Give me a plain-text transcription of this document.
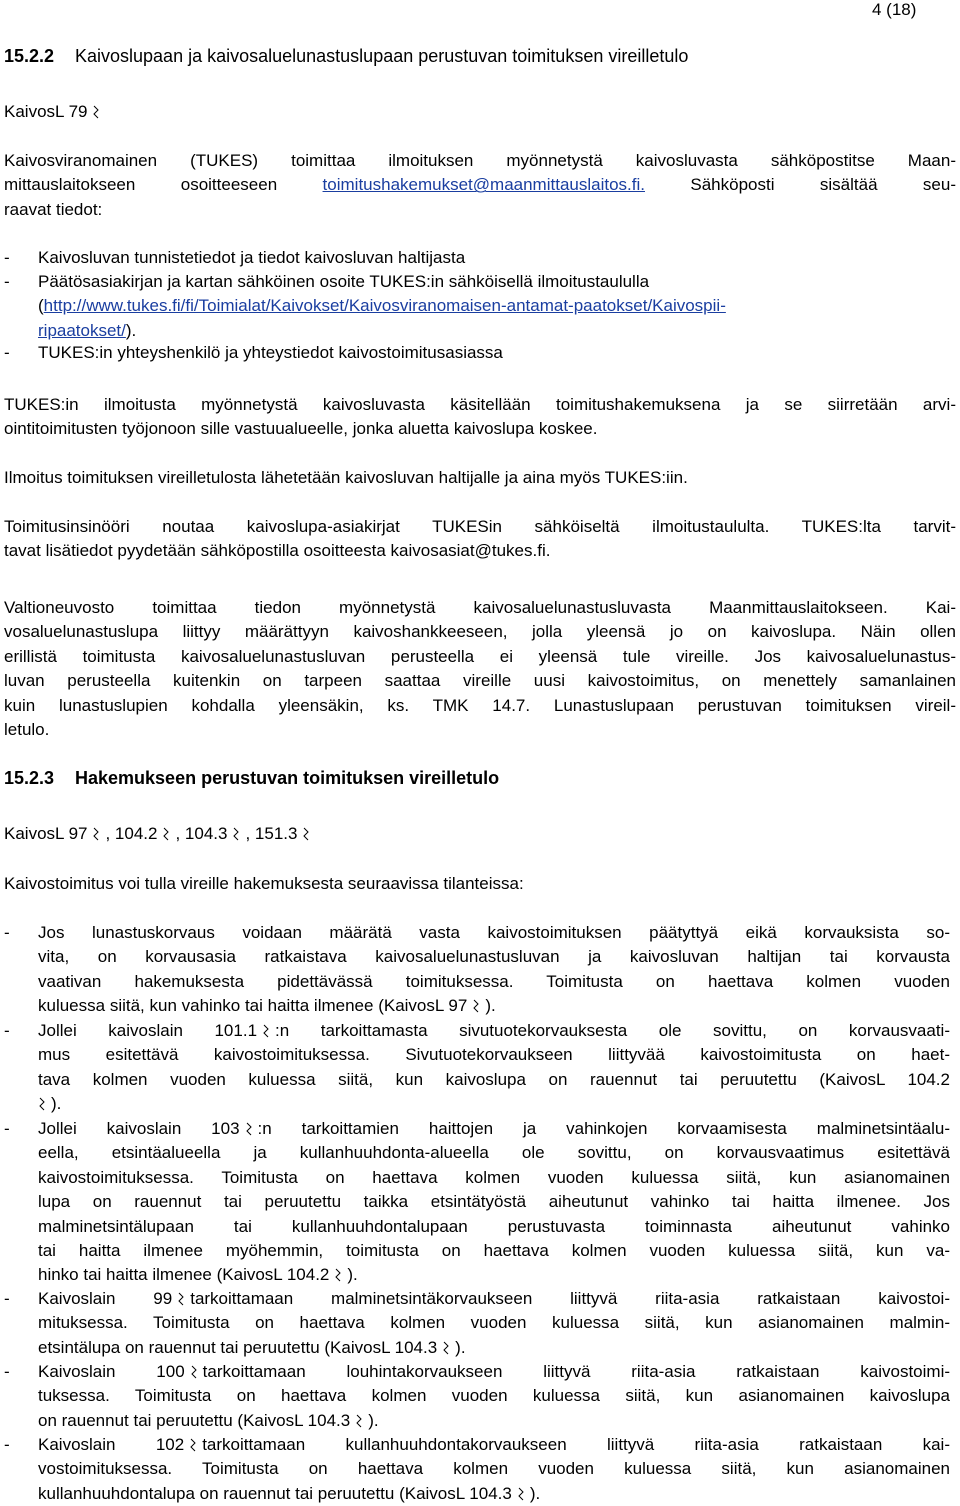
4 (18)
15.2.2 Kaivoslupaan ja kaivosaluelunastuslupaan perustuvan toimituksen vireilletulo
KaivosL 79
Kaivosviranomainen (TUKES) toimittaa ilmoituksen myönnetystä kaivosluvasta sähköpostitse Maan-
mittauslaitokseen osoitteeseen toimitushakemukset@maanmittauslaitos.fi. Sähköposti sisältää seu-
raavat tiedot:
- Kaivosluvan tunnistetiedot ja tiedot kaivosluvan haltijasta
- Päätösasiakirjan ja kartan sähköinen osoite TUKES:in sähköisellä ilmoitustaululla
(http://www.tukes.fi/fi/Toimialat/Kaivokset/Kaivosviranomaisen-antamat-paatokset/Kaivospii-
ripaatokset/).
- TUKES:in yhteyshenkilö ja yhteystiedot kaivostoimitusasiassa
TUKES:in ilmoitusta myönnetystä kaivosluvasta käsitellään toimitushakemuksena ja se siirretään arvi-
ointitoimitusten työjonoon sille vastuualueelle, jonka aluetta kaivoslupa koskee.
Ilmoitus toimituksen vireilletulosta lähetetään kaivosluvan haltijalle ja aina myös TUKES:iin.
Toimitusinsinööri noutaa kaivoslupa-asiakirjat TUKESin sähköiseltä ilmoitustaululta. TUKES:lta tarvit-
tavat lisätiedot pyydetään sähköpostilla osoitteesta kaivosasiat@tukes.fi.
Valtioneuvosto toimittaa tiedon myönnetystä kaivosaluelunastusluvasta Maanmittauslaitokseen. Kai-
vosaluelunastuslupa liittyy määrättyyn kaivoshankkeeseen, jolla yleensä jo on kaivoslupa. Näin ollen
erillistä toimitusta kaivosaluelunastusluvan perusteella ei yleensä tule vireille. Jos kaivosaluelunastus-
luvan perusteella kuitenkin on tarpeen saattaa vireille uusi kaivostoimitus, on menettely samanlainen
kuin lunastuslupien kohdalla yleensäkin, ks. TMK 14.7. Lunastuslupaan perustuvan toimituksen vireil-
letulo.
15.2.3 Hakemukseen perustuvan toimituksen vireilletulo
KaivosL 97 , 104.2 , 104.3 , 151.3
Kaivostoimitus voi tulla vireille hakemuksesta seuraavissa tilanteissa:
- Jos lunastuskorvaus voidaan määrätä vasta kaivostoimituksen päätyttyä eikä korvauksista so-
vita, on korvausasia ratkaistava kaivosaluelunastusluvan ja kaivosluvan haltijan tai korvausta
vaativan hakemuksesta pidettävässä toimituksessa. Toimitusta on haettava kolmen vuoden
kuluessa siitä, kun vahinko tai haitta ilmenee (KaivosL 97 ).
- Jollei kaivoslain 101.1 :n tarkoittamasta sivutuotekorvauksesta ole sovittu, on korvausvaati-
mus esitettävä kaivostoimituksessa. Sivutuotekorvaukseen liittyvää kaivostoimitusta on haet-
tava kolmen vuoden kuluessa siitä, kun kaivoslupa on rauennut tai peruutettu (KaivosL 104.2
).
- Jollei kaivoslain 103 :n tarkoittamien haittojen ja vahinkojen korvaamisesta malminetsintäalu-
eella, etsintäalueella ja kullanhuuhdonta-alueella ole sovittu, on korvausvaatimus esitettävä
kaivostoimituksessa. Toimitusta on haettava kolmen vuoden kuluessa siitä, kun asianomainen
lupa on rauennut tai peruutettu taikka etsintätyöstä aiheutunut vahinko tai haitta ilmenee. Jos
malminetsintälupaan tai kullanhuuhdontalupaan perustuvasta toiminnasta aiheutunut vahinko
tai haitta ilmenee myöhemmin, toimitusta on haettava kolmen vuoden kuluessa siitä, kun va-
hinko tai haitta ilmenee (KaivosL 104.2 ).
- Kaivoslain 99 tarkoittamaan malminetsintäkorvaukseen liittyvä riita-asia ratkaistaan kaivostoi-
mituksessa. Toimitusta on haettava kolmen vuoden kuluessa siitä, kun asianomainen malmin-
etsintälupa on rauennut tai peruutettu (KaivosL 104.3 ).
- Kaivoslain 100 tarkoittamaan louhintakorvaukseen liittyvä riita-asia ratkaistaan kaivostoimi-
tuksessa. Toimitusta on haettava kolmen vuoden kuluessa siitä, kun asianomainen kaivoslupa
on rauennut tai peruutettu (KaivosL 104.3 ).
- Kaivoslain 102 tarkoittamaan kullanhuuhdontakorvaukseen liittyvä riita-asia ratkaistaan kai-
vostoimituksessa. Toimitusta on haettava kolmen vuoden kuluessa siitä, kun asianomainen
kullanhuuhdontalupa on rauennut tai peruutettu (KaivosL 104.3 ).
